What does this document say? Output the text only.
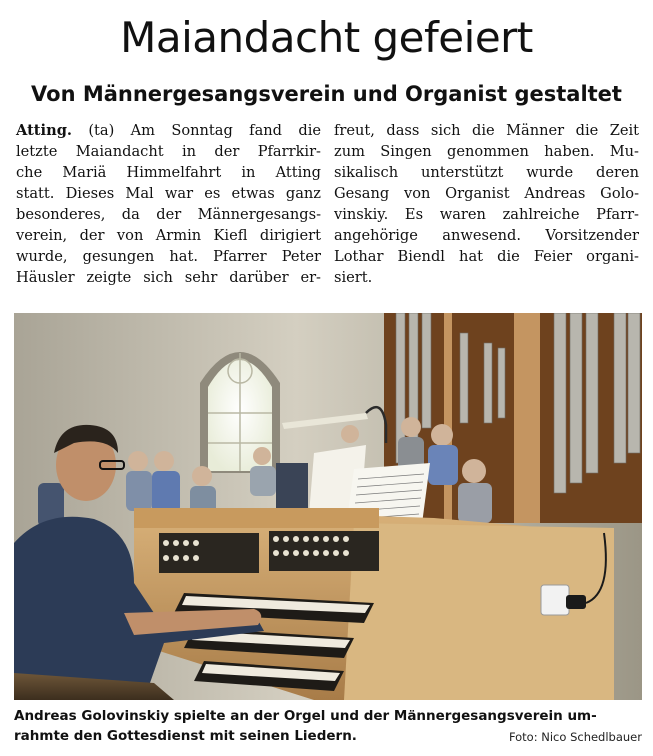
Maiandacht gefeiert
Von Männergesangsverein und Organist gestaltet
Atting. (ta) Am Sonntag fand die
letzte Maiandacht in der Pfarrkir-
che Mariä Himmelfahrt in Atting
statt. Dieses Mal war es etwas ganz
besonderes, da der Männergesangs-
verein, der von Armin Kiefl dirigiert
wurde, gesungen hat. Pfarrer Peter
Häusler zeigte sich sehr darüber er-
freut, dass sich die Männer die Zeit
zum Singen genommen haben. Mu-
sikalisch unterstützt wurde deren
Gesang von Organist Andreas Golo-
vinskiy. Es waren zahlreiche Pfarr-
angehörige anwesend. Vorsitzender
Lothar Biendl hat die Feier organi-
siert.
Andreas Golovinskiy spielte an der Orgel und der Männergesangsverein um-
rahmte den Gottesdienst mit seinen Liedern.	Foto: Nico Schedlbauer
